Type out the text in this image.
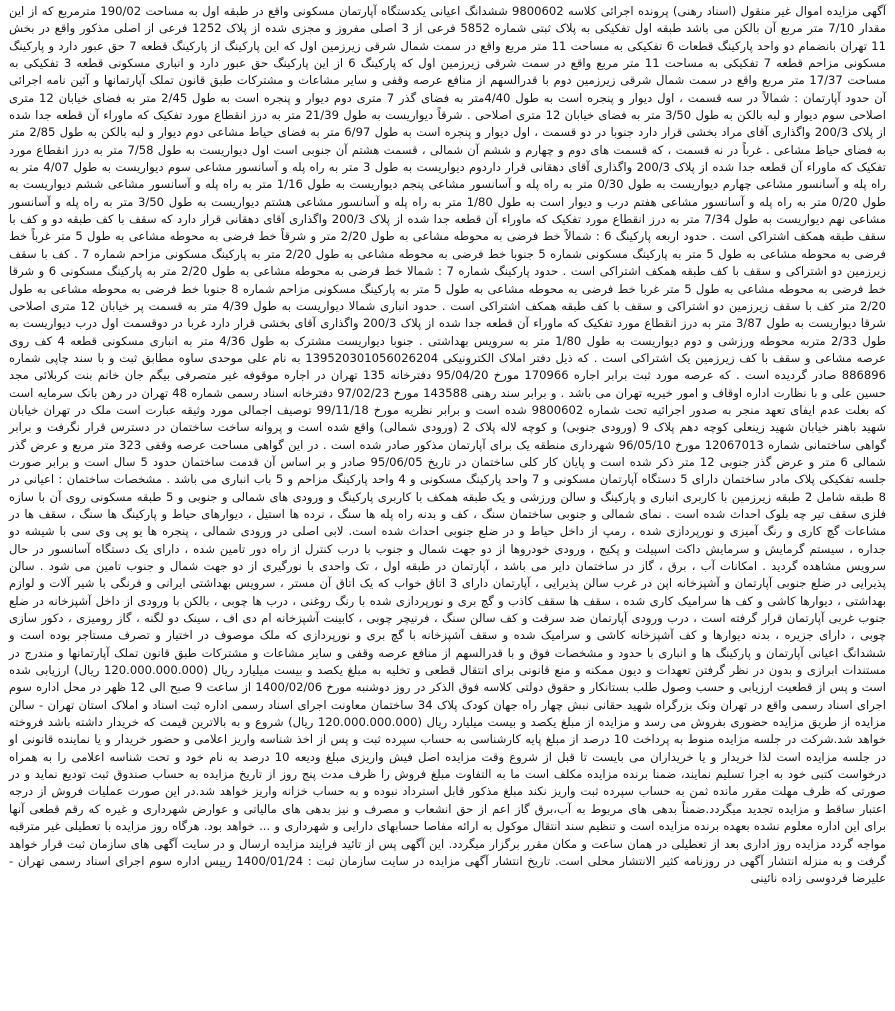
آگهی مزایده اموال غیر منقول (اسناد رهنی) پرونده اجرائی کلاسه 9800602 ششدانگ اعیانی یکدستگاه آپارتمان مسکونی واقع در طبقه اول به مساحت 190/02 مترمربع که از این مقدار 7/10 متر مربع آن بالکن می باشد طبقه اول تفکیکی به پلاک ثبتی شماره 5852 فرعی از 3 اصلی مفروز و مجزی شده از پلاک 1252 فرعی از اصلی مذکور واقع در بخش 11 تهران بانضمام دو واحد پارکینگ قطعات 6 تفکیکی به مساحت 11 متر مربع واقع در سمت شمال شرقی زیرزمین اول که این پارکینگ از پارکینگ قطعه 7 حق عبور دارد و پارکینگ مسکونی مزاحم قطعه 7 تفکیکی به مساحت 11 متر مربع واقع در سمت شرقی زیرزمین اول که پارکینگ 6 از این پارکینگ حق عبور دارد و انباری مسکونی قطعه 3 تفکیکی به مساحت 17/37 متر مربع واقع در سمت شمال شرقی زیرزمین دوم با قدرالسهم از منافع عرصه وقفی و سایر مشاعات و مشترکات طبق قانون تملک آپارتمانها و آئین نامه اجرائی آن حدود آپارتمان : شمالاً در سه قسمت ، اول دیوار و پنجره است به طول 4/40متر به فضای گذر 7 متری دوم دیوار و پنجره است به طول 2/45 متر به فضای خیابان 12 متری اصلاحی سوم دیوار و لبه بالکن به طول 3/50 متر به فضای خیابان 12 متری اصلاحی . شرقاً دیواریست به طول 21/39 متر به درز انقطاع مورد تفکیک که ماوراء آن قطعه جدا شده از پلاک 200/3 واگذاری آقای مراد بخشی قرار دارد جنوبا در دو قسمت ، اول دیوار و پنجره است به طول 6/97 متر به فضای حیاط مشاعی دوم دیوار و لبه بالکن به طول 2/85 متر به فضای حیاط مشاعی . غرباً در نه قسمت ، که قسمت های دوم و چهارم و ششم آن شمالی ، قسمت هشتم آن جنوبی است اول دیواریست به طول 7/58 متر به درز انقطاع مورد تفکیک که ماوراء آن قطعه جدا شده از پلاک 200/3 واگذاری آقای دهقانی قرار داردوم دیواریست به طول 3 متر به راه پله و آسانسور مشاعی سوم دیواریست به طول 4/07 متر به راه پله و آسانسور مشاعی چهارم دیواریست به طول 0/30 متر به راه پله و آسانسور مشاعی پنجم دیواریست به طول 1/16 متر به راه پله و آسانسور مشاعی ششم دیواریست به طول 0/20 متر به راه پله و آسانسور مشاعی هفتم درب و دیوار است به طول 1/80 متر به راه پله و آسانسور مشاعی هشتم دیواریست به طول 3/50 متر به راه پله و آسانسور مشاعی نهم دیواریست به طول 7/34 متر به درز انقطاع مورد تفکیک که ماوراء آن قطعه جدا شده از پلاک 200/3 واگذاری آقای دهقانی قرار دارد که سقف با کف طبقه دو و کف با سقف طبقه همکف اشتراکی است . حدود اربعه پارکینگ 6 : شمالاً خط فرضی به محوطه مشاعی به طول 2/20 متر و شرقاً خط فرضی به محوطه مشاعی به طول 5 متر غرباً خط فرضی به محوطه مشاعی به طول 5 متر به پارکینگ مسکونی شماره 5 جنوبا خط فرضی به محوطه مشاعی به طول 2/20 متر به پارکینگ مسکونی مزاحم شماره 7 . کف با سقف زیرزمین دو اشتراکی و سقف با کف طبقه همکف اشتراکی است . حدود پارکینگ شماره 7 : شمالا خط فرضی به محوطه مشاعی به طول 2/20 متر به پارکینگ مسکونی 6 و شرقا خط فرضی به محوطه مشاعی به طول 5 متر غربا خط فرضی به محوطه مشاعی به طول 5 متر به پارکینگ مسکونی مزاحم شماره 8 جنوبا خط فرضی به محوطه مشاعی به طول 2/20 متر کف با سقف زیرزمین دو اشتراکی و سقف با کف طبقه همکف اشتراکی است . حدود انباری شمالا دیواریست به طول 4/39 متر به قسمت پر خیابان 12 متری اصلاحی شرقا دیواریست به طول 3/87 متر به درز انقطاع مورد تفکیک که ماوراء آن قطعه جدا شده از پلاک 200/3 واگذاری آقای بخشی قرار دارد غربا در دوقسمت اول درب دیواریست به طول 2/33 متربه محوطه ورزشی و دوم دیواریست به طول 1/80 متر به سرویس بهداشتی . جنوبا دیواریست مشترک به طول 4/36 متر به انباری مسکونی قطعه 4 کف روی عرصه مشاعی و سقف با کف زیرزمین یک اشتراکی است . که ذیل دفتر املاک الکترونیکی 139520301056026204 به نام علی موحدی ساوه مطابق ثبت و با سند چاپی شماره 886896 صادر گردیده است . که عرصه مورد ثبت برابر اجاره 170966 مورخ 95/04/20 دفترخانه 135 تهران در اجاره موقوفه غیر متصرفی بیگم جان خانم بنت کربلائی مجد حسین علی و با نظارت اداره اوقاف و امور خیریه تهران می باشد . و برابر سند رهنی 143588 مورخ 97/02/23 دفترخانه اسناد رسمی شماره 48 تهران در رهن بانک سرمایه است که بعلت عدم ایفای تعهد منجر به صدور اجرائیه تحت شماره 9800602 شده است و برابر نظریه مورخ 99/11/18 توصیف اجمالی مورد وثیقه عبارت است ملک در تهران خیابان شهید باهنر خیابان شهید زینعلی کوچه دهم پلاک 9 (ورودی جنوبی) و کوچه لاله پلاک 2 (ورودی شمالی) واقع شده است و پروانه ساخت ساختمان در دسترس قرار نگرفت و برابر گواهی ساختمانی شماره 12067013 مورخ 96/05/10 شهرداری منطقه یک برای آپارتمان مذکور صادر شده است . در این گواهی مساحت عرصه وقفی 323 متر مربع و عرض گذر شمالی 6 متر و عرض گذر جنوبی 12 متر ذکر شده است و پایان کار کلی ساختمان در تاریخ 95/06/05 صادر و بر اساس آن قدمت ساختمان حدود 5 سال است و برابر صورت جلسه تفکیکی پلاک مادر ساختمان دارای 5 دستگاه آپارتمان مسکونی و 7 واحد پارکینگ مسکونی و 4 واحد پارکینگ مزاحم و 5 باب انباری می باشد . مشخصات ساختمان : اعیانی در 8 طبقه شامل 2 طبقه زیرزمین با کاربری انباری و پارکینگ و سالن ورزشی و یک طبقه همکف با کاربری پارکینگ و ورودی های شمالی و جنوبی و 5 طبقه مسکونی روی آن با سازه فلزی سقف تیر چه بلوک احداث شده است . نمای شمالی و جنوبی ساختمان سنگ ، کف و بدنه راه پله ها سنگ ، نرده ها استیل ، دیوارهای حیاط و پارکینگ ها سنگ ، سقف ها در مشاعات گچ کاری و رنگ آمیزی و نورپردازی شده ، رمپ از داخل حیاط و در ضلع جنوبی احداث شده است. لابی اصلی در ورودی شمالی ، پنجره ها یو پی وی سی با شیشه دو جداره ، سیستم گرمایش و سرمایش داکت اسپیلت و پکیج ، ورودی خودروها از دو جهت شمال و جنوب با درب کنترل از راه دور تامین شده ، دارای یک دستگاه آسانسور در حال سرویس مشاهده گردید . امکانات آب ، برق ، گاز در ساختمان دایر می باشد ، آپارتمان در طبقه اول ، تک واحدی با نورگیری از دو جهت شمال و جنوب تامین می شود . سالن پذیرایی در ضلع جنوبی آپارتمان و آشپزخانه اپن در غرب سالن پذیرایی ، آپارتمان دارای 3 اتاق خواب که یک اتاق آن مستر ، سرویس بهداشتی ایرانی و فرنگی با شیر آلات و لوازم بهداشتی ، دیوارها کاشی و کف ها سرامیک کاری شده ، سقف ها سقف کاذب و گچ بری و نورپردازی شده با رنگ روغنی ، درب ها چوبی ، بالکن با ورودی از داخل آشپزخانه در ضلع جنوب غربی آپارتمان قرار گرفته است ، درب ورودی آپارتمان ضد سرقت و کف سالن سنگ ، فرنیچر چوبی ، کابینت آشپزخانه ام دی اف ، سینک دو لگنه ، گاز رومیزی ، دکور سازی چوبی ، دارای جزیره ، بدنه دیوارها و کف آشپزخانه کاشی و سرامیک شده و سقف آشپزخانه با گچ بری و نورپردازی که ملک موصوف در اختیار و تصرف مستاجر بوده است و ششدانگ اعیانی آپارتمان و پارکینگ ها و انباری با حدود و مشخصات فوق و با قدرالسهم از منافع عرصه وقفی و سایر مشاعات و مشترکات طبق قانون تملک آپارتمانها و مندرج در مستندات ابرازی و بدون در نظر گرفتن تعهدات و دیون ممکنه و منع قانونی برای انتقال قطعی و تخلیه به مبلغ یکصد و بیست میلیارد ریال (120.000.000.000 ریال) ارزیابی شده است و پس از قطعیت ارزیابی و حسب وصول طلب بستانکار و حقوق دولتی کلاسه فوق الذکر در روز دوشنبه مورخ 1400/02/06 از ساعت 9 صبح الی 12 ظهر در محل اداره سوم اجرای اسناد رسمی واقع در تهران ونک بزرگراه شهید حقانی نبش چهار راه جهان کودک پلاک 34 ساختمان معاونت اجرای اسناد رسمی اداره ثبت اسناد و املاک استان تهران - سالن مزایده از طریق مزایده حضوری بفروش می رسد و مزایده از مبلغ یکصد و بیست میلیارد ریال (120.000.000.000 ریال) شروع و به بالاترین قیمت که خریدار داشته باشد فروخته خواهد شد.شرکت در جلسه مزایده منوط به پرداخت 10 درصد از مبلغ پایه کارشناسی به حساب سپرده ثبت و پس از اخذ شناسه واریز اعلامی و حضور خریدار و یا نماینده قانونی او در جلسه مزایده است لذا خریدار و یا خریداران می بایست تا قبل از شروع وقت مزایده اصل فیش واریزی مبلغ ودیعه 10 درصد به نام خود و تحت شناسه اعلامی را به همراه درخواست کتبی خود به اجرا تسلیم نمایند، ضمنا برنده مزایده مکلف است ما به التفاوت مبلغ فروش را ظرف مدت پنج روز از تاریخ مزایده به حساب صندوق ثبت تودیع نماید و در صورتی که ظرف مهلت مقرر مانده ثمن به حساب سپرده ثبت واریز نکند مبلغ مذکور قابل استرداد نبوده و به حساب خزانه واریز خواهد شد.در این صورت عملیات فروش از درجه اعتبار ساقط و مزایده تجدید میگردد.ضمناً بدهی های مربوط به آب،برق گاز اعم از حق انشعاب و مصرف و نیز بدهی های مالیاتی و عوارض شهرداری و غیره که رقم قطعی آنها برای این اداره معلوم نشده بعهده برنده مزایده است و تنظیم سند انتقال موکول به ارائه مفاصا حسابهای دارایی و شهرداری و ... خواهد بود. هرگاه روز مزایده با تعطیلی غیر مترقبه مواجه گردد مزایده روز اداری بعد از تعطیلی در همان ساعت و مکان مقرر برگزار میگردد. این آگهی پس از تائید فرایند مزایده ارسال و در سایت آگهی های سازمان ثبت قرار خواهد گرفت و به منزله انتشار آگهی در روزنامه کثیر الانتشار محلی است. تاریخ انتشار آگهی مزایده در سایت سازمان ثبت : 1400/01/24 رییس اداره سوم اجرای اسناد رسمی تهران - علیرضا فردوسی زاده نائینی
